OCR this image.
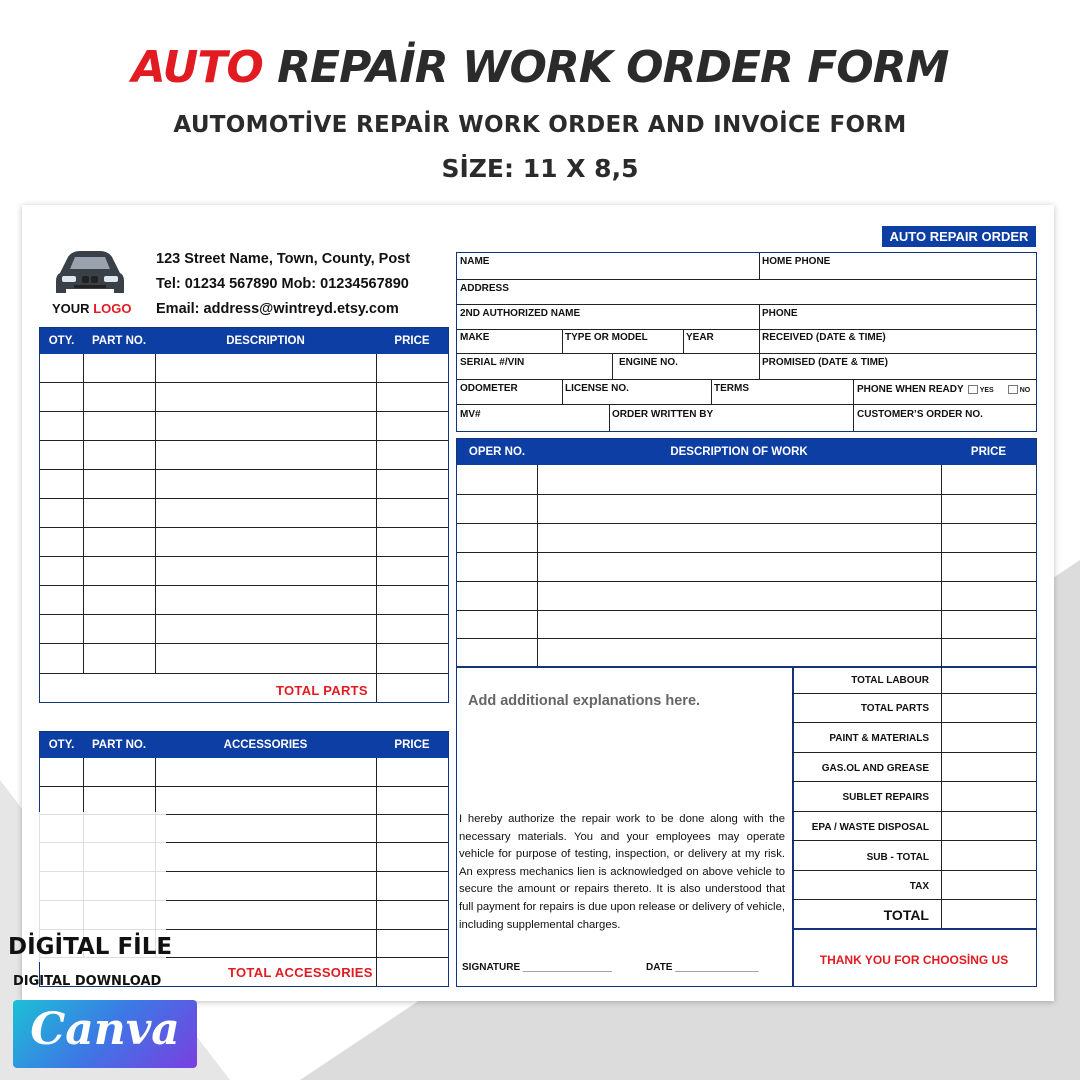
AUTO REPAİR WORK ORDER FORM
AUTOMOTİVE REPAİR WORK ORDER AND INVOİCE FORM
SİZE: 11 X 8,5
YOUR LOGO
123 Street Name, Town, County, Post
Tel: 01234 567890 Mob: 01234567890
Email: address@wintreyd.etsy.com
AUTO REPAIR ORDER
OTY.	PART NO.	DESCRIPTION	PRICE
TOTAL PARTS
OTY.	PART NO.	ACCESSORIES	PRICE
TOTAL ACCESSORIES
NAME	HOME PHONE
ADDRESS
2ND AUTHORIZED NAME	PHONE
MAKE	TYPE OR MODEL	YEAR	RECEIVED (DATE & TIME)
SERIAL #/VIN	ENGINE NO.	PROMISED (DATE & TIME)
ODOMETER	LICENSE NO.	TERMS	PHONE WHEN READY YES	NO
MV#	ORDER WRITTEN BY	CUSTOMER’S ORDER NO.
OPER NO.	DESCRIPTION OF WORK	PRICE
TOTAL LABOUR
TOTAL PARTS
PAINT & MATERIALS
GAS.OL AND GREASE
SUBLET REPAIRS
EPA / WASTE DISPOSAL
SUB - TOTAL
TAX
TOTAL
Add additional explanations here.
I hereby authorize the repair work to be done along with the necessary materials. You and your employees may operate vehicle for purpose of testing, inspection, or delivery at my risk. An express mechanics lien is acknowledged on above vehicle to secure the amount or repairs thereto. It is also understood that full payment for repairs is due upon release or delivery of vehicle, including supplemental charges.
SIGNATURE ________________	DATE _______________
THANK YOU FOR CHOOSİNG US
DİGİTAL FİLE
DIGITAL DOWNLOAD
Canva
